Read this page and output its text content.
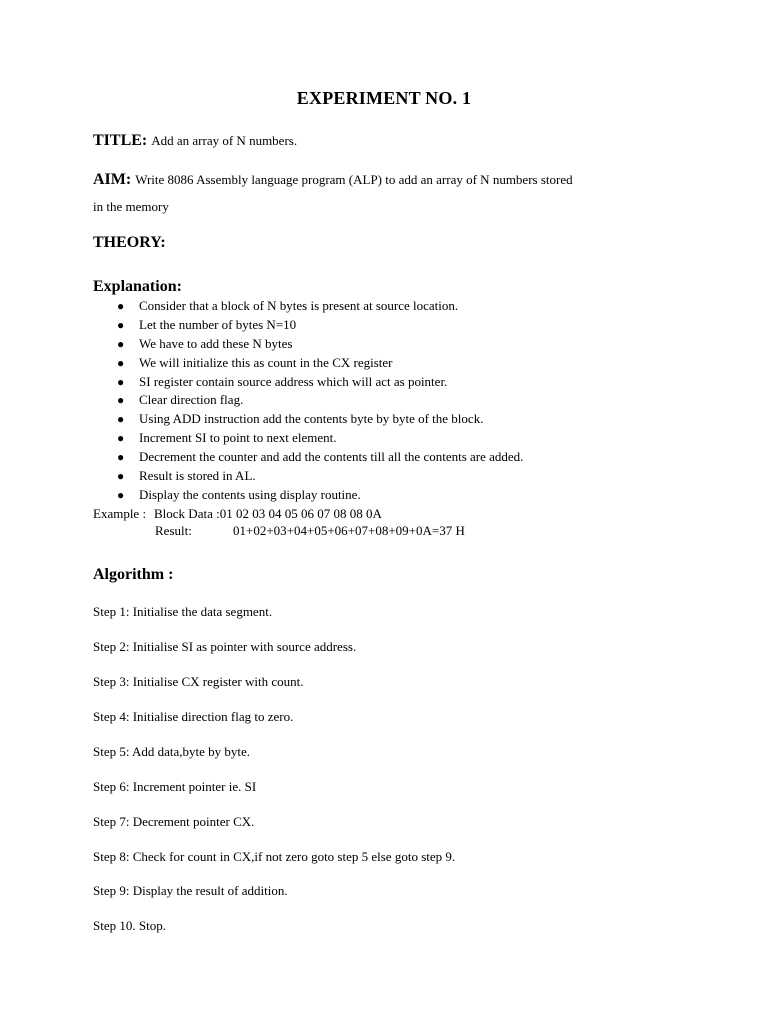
EXPERIMENT NO. 1
TITLE: Add an array of N numbers.
AIM: Write 8086 Assembly language program (ALP) to add an array of N numbers stored
in the memory
THEORY:
Explanation:
● Consider that a block of N bytes is present at source location.
● Let the number of bytes N=10
● We have to add these N bytes
● We will initialize this as count in the CX register
● SI register contain source address which will act as pointer.
● Clear direction flag.
● Using ADD instruction add the contents byte by byte of the block.
● Increment SI to point to next element.
● Decrement the counter and add the contents till all the contents are added.
● Result is stored in AL.
● Display the contents using display routine.
Example : Block Data :01 02 03 04 05 06 07 08 08 0A
Result:	01+02+03+04+05+06+07+08+09+0A=37 H
Algorithm :
Step 1: Initialise the data segment.
Step 2: Initialise SI as pointer with source address.
Step 3: Initialise CX register with count.
Step 4: Initialise direction flag to zero.
Step 5: Add data,byte by byte.
Step 6: Increment pointer ie. SI
Step 7: Decrement pointer CX.
Step 8: Check for count in CX,if not zero goto step 5 else goto step 9.
Step 9: Display the result of addition.
Step 10. Stop.
